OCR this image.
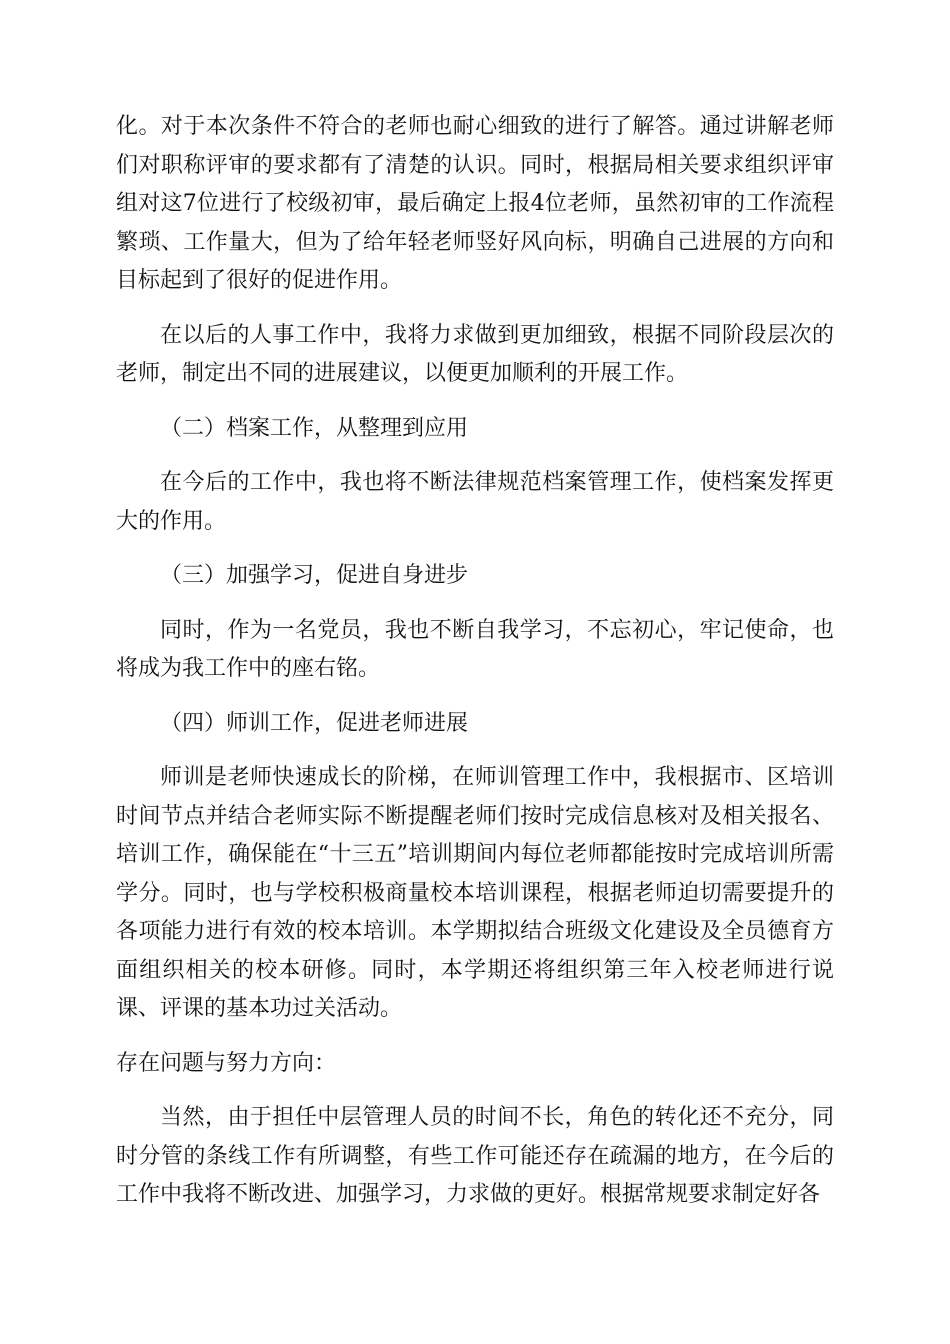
化。对于本次条件不符合的老师也耐心细致的进行了解答。通过讲解老师们对职称评审的要求都有了清楚的认识。同时，根据局相关要求组织评审组对这7位进行了校级初审，最后确定上报4位老师，虽然初审的工作流程繁琐、工作量大，但为了给年轻老师竖好风向标，明确自己进展的方向和目标起到了很好的促进作用。

在以后的人事工作中，我将力求做到更加细致，根据不同阶段层次的老师，制定出不同的进展建议，以便更加顺利的开展工作。

（二）档案工作，从整理到应用

在今后的工作中，我也将不断法律规范档案管理工作，使档案发挥更大的作用。

（三）加强学习，促进自身进步

同时，作为一名党员，我也不断自我学习，不忘初心，牢记使命，也将成为我工作中的座右铭。

（四）师训工作，促进老师进展

师训是老师快速成长的阶梯，在师训管理工作中，我根据市、区培训时间节点并结合老师实际不断提醒老师们按时完成信息核对及相关报名、培训工作，确保能在“十三五”培训期间内每位老师都能按时完成培训所需学分。同时，也与学校积极商量校本培训课程，根据老师迫切需要提升的各项能力进行有效的校本培训。本学期拟结合班级文化建设及全员德育方面组织相关的校本研修。同时，本学期还将组织第三年入校老师进行说课、评课的基本功过关活动。

存在问题与努力方向：

当然，由于担任中层管理人员的时间不长，角色的转化还不充分，同时分管的条线工作有所调整，有些工作可能还存在疏漏的地方，在今后的工作中我将不断改进、加强学习，力求做的更好。根据常规要求制定好各
